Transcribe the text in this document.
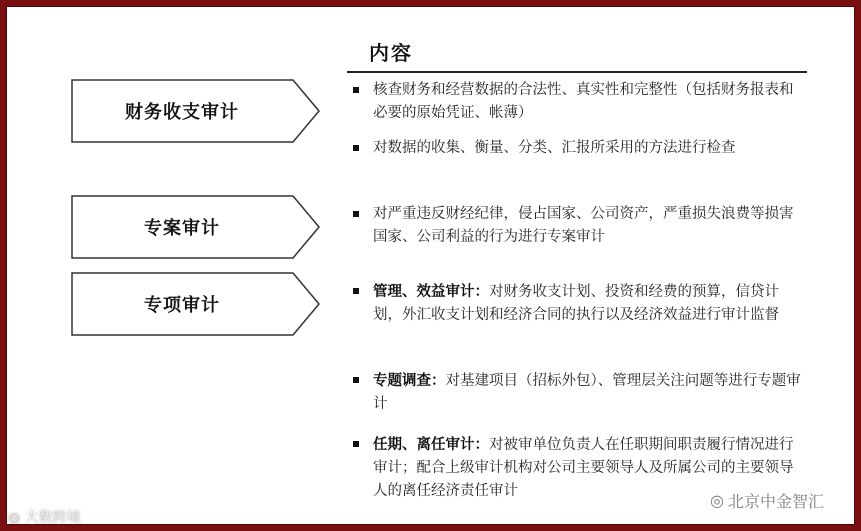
内容
财务收支审计
专案审计
专项审计
核查财务和经营数据的合法性、真实性和完整性（包括财务报表和必要的原始凭证、帐薄）
对数据的收集、衡量、分类、汇报所采用的方法进行检查
对严重违反财经纪律，侵占国家、公司资产，严重损失浪费等损害国家、公司利益的行为进行专案审计
管理、效益审计：对财务收支计划、投资和经费的预算，信贷计划，外汇收支计划和经济合同的执行以及经济效益进行审计监督
专题调查：对基建项目（招标外包）、管理层关注问题等进行专题审计
任期、离任审计：对被审单位负责人在任职期间职责履行情况进行审计；配合上级审计机构对公司主要领导人及所属公司的主要领导人的离任经济责任审计	◎ 北京中金智汇
◉ 大数跨境
